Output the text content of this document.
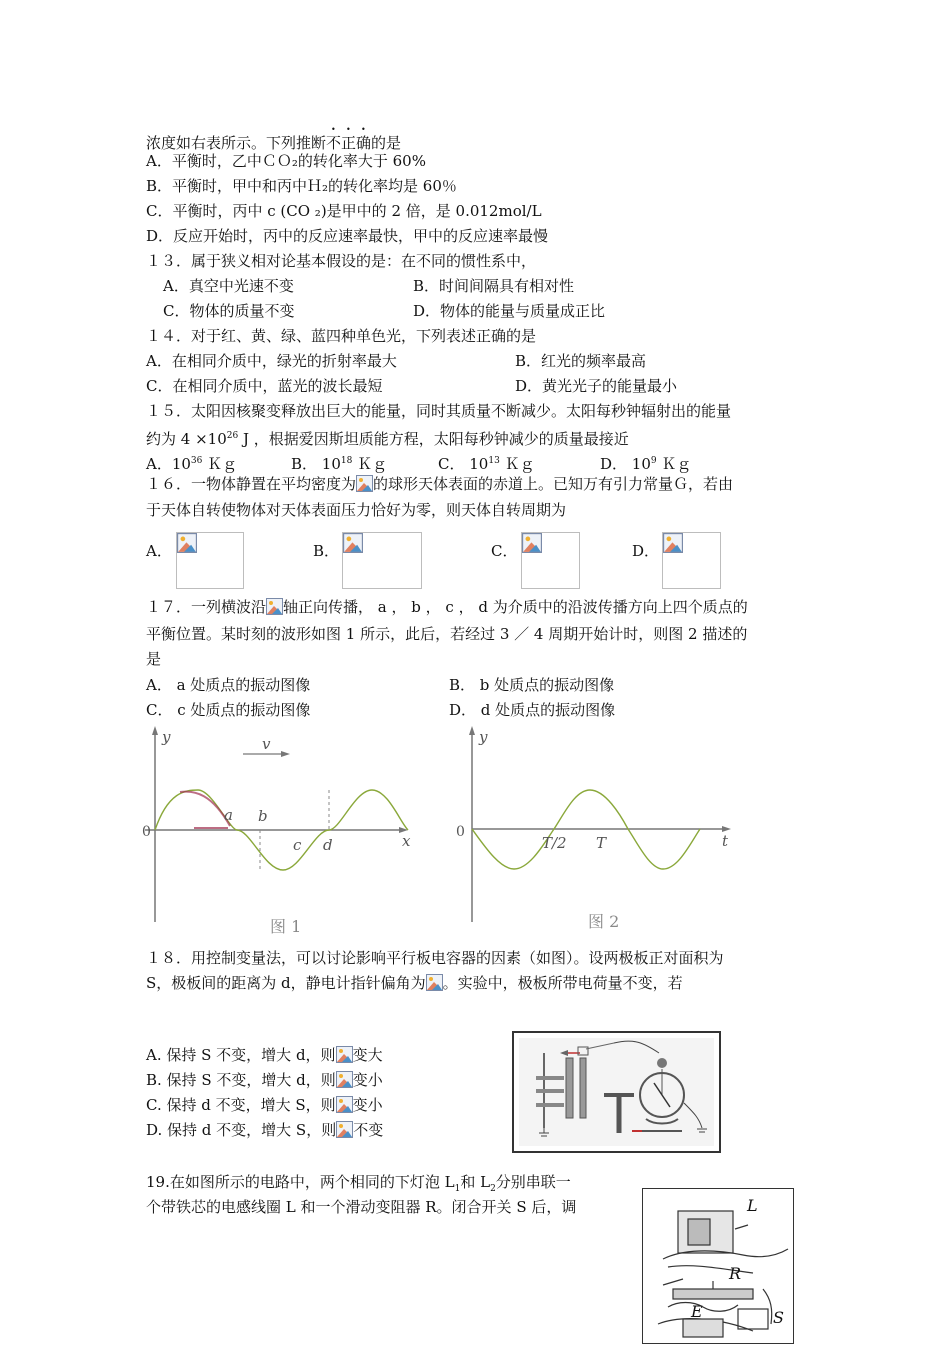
浓度如右表所示。下列推断不正确的是
A．平衡时，乙中ＣＯ₂的转化率大于 60%
B．平衡时，甲中和丙中Ｈ₂的转化率均是 60％
C．平衡时，丙中 c (CO ₂)是甲中的 2 倍，是 0.012mol/L
D．反应开始时，丙中的反应速率最快，甲中的反应速率最慢
１３．属于狭义相对论基本假设的是：在不同的惯性系中，
A．真空中光速不变	B．时间间隔具有相对性
C．物体的质量不变	D．物体的能量与质量成正比
１４．对于红、黄、绿、蓝四种单色光，下列表述正确的是
A．在相同介质中，绿光的折射率最大	B．红光的频率最高
C．在相同介质中，蓝光的波长最短	D．黄光光子的能量最小
１５．太阳因核聚变释放出巨大的能量，同时其质量不断减少。太阳每秒钟辐射出的能量
约为 $4 \times 10^{26}$ J ，根据爱因斯坦质能方程，太阳每秒钟减少的质量最接近
A．$10^{36}$ Ｋｇ	B． $10^{18}$ Ｋｇ	C． $10^{13}$ Ｋｇ	D． $10^9$ Ｋｇ
１６．一物体静置在平均密度为 的球形天体表面的赤道上。已知万有引力常量Ｇ，若由
于天体自转使物体对天体表面压力恰好为零，则天体自转周期为
A．	B．	C．	D．
１７．一列横波沿 轴正向传播， a ， b ， c ， d 为介质中的沿波传播方向上四个质点的
平衡位置。某时刻的波形如图 1 所示，此后，若经过 3 ／ 4 周期开始计时，则图 2 描述的
是
A． a 处质点的振动图像	B． b 处质点的振动图像
C． c 处质点的振动图像	D． d 处质点的振动图像
y
x
0
v
a b
c d
图 1
y
t
0
T/2 T
图 2
１８．用控制变量法，可以讨论影响平行板电容器的因素（如图）。设两极板正对面积为
S，极板间的距离为 d，静电计指针偏角为 。实验中，极板所带电荷量不变，若
A. 保持 S 不变，增大 d，则 变大
B. 保持 S 不变，增大 d，则 变小
C. 保持 d 不变，增大 S，则 变小
D. 保持 d 不变，增大 S，则 不变
19.在如图所示的电路中，两个相同的下灯泡 $L_1$和 $L_2$分别串联一
个带铁芯的电感线圈 L 和一个滑动变阻器 R。闭合开关 S 后，调	L
R
E	S
